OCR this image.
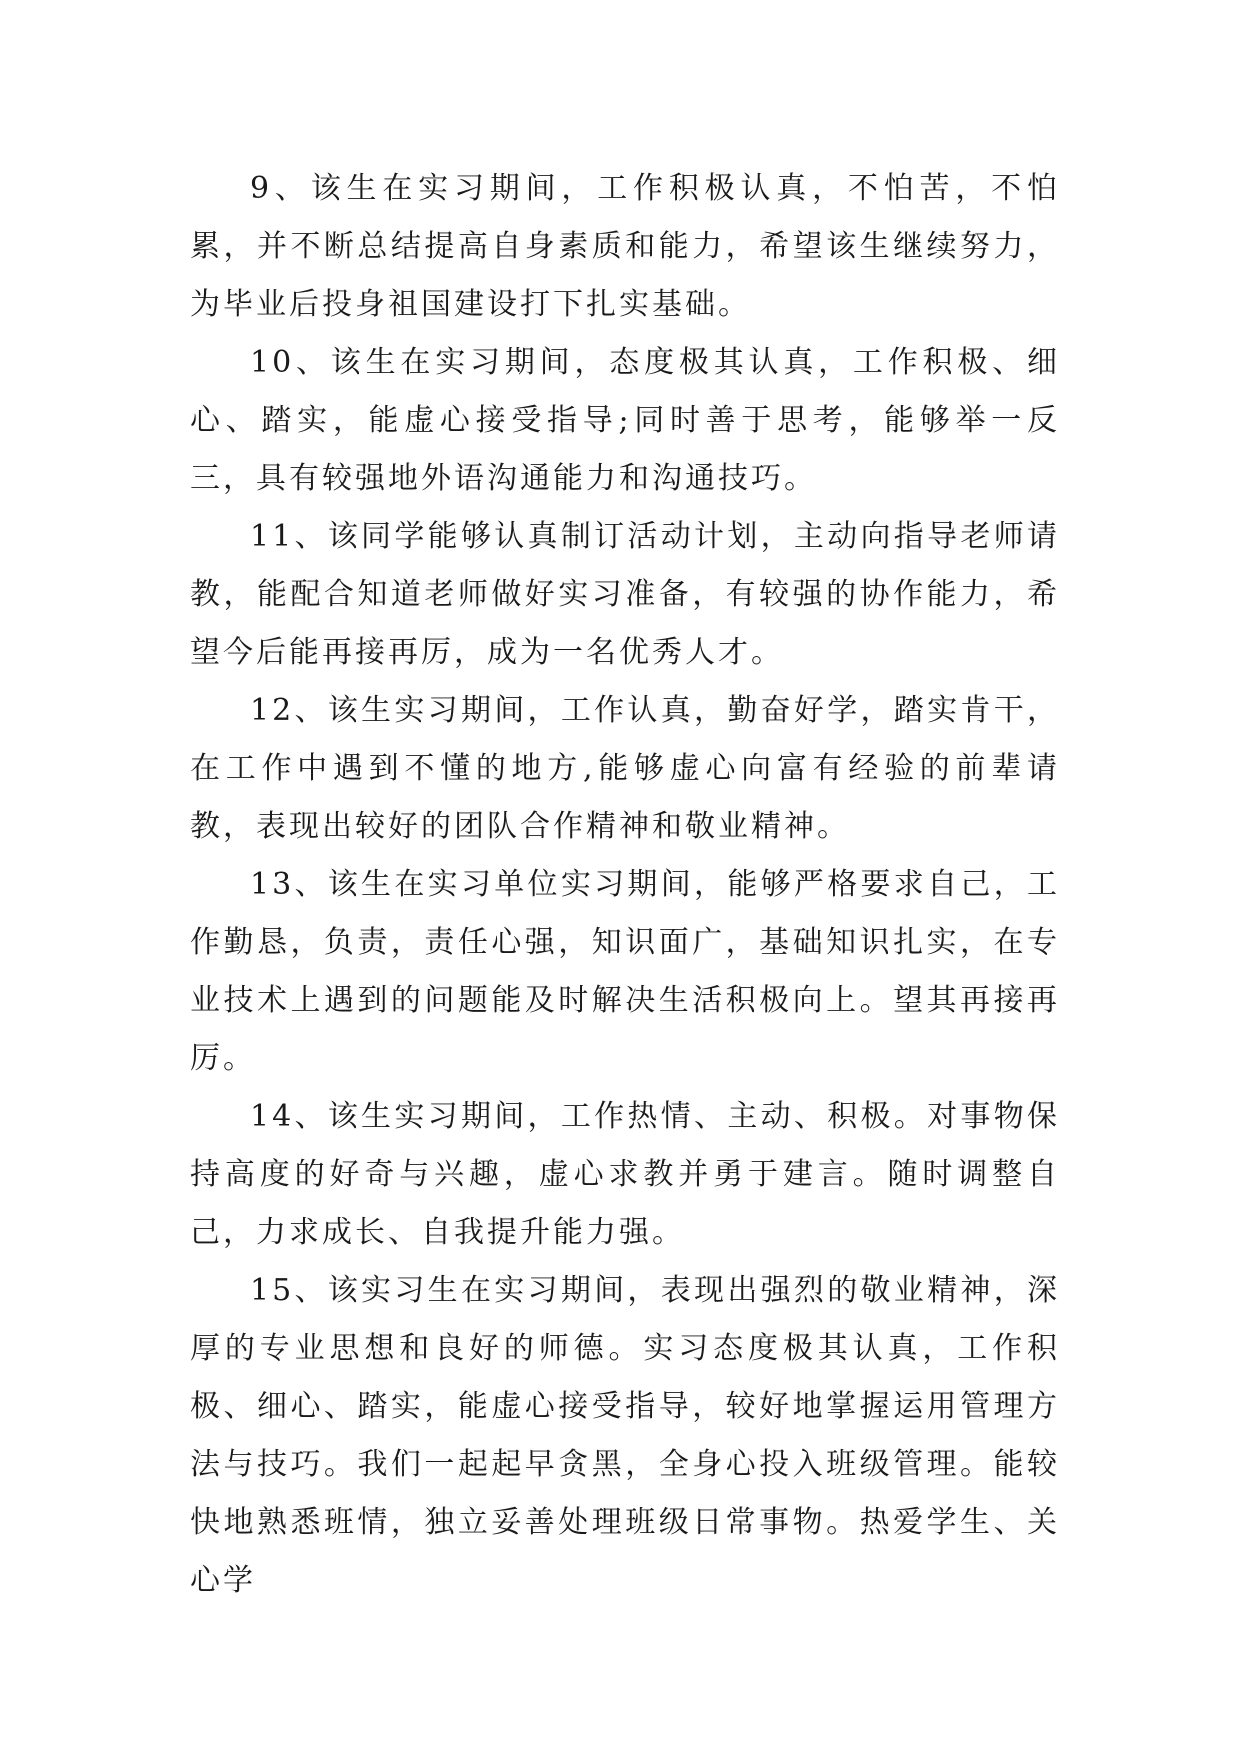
9、该生在实习期间，工作积极认真，不怕苦，不怕累，并不断总结提高自身素质和能力，希望该生继续努力，为毕业后投身祖国建设打下扎实基础。

10、该生在实习期间，态度极其认真，工作积极、细心、踏实，能虚心接受指导;同时善于思考，能够举一反三，具有较强地外语沟通能力和沟通技巧。

11、该同学能够认真制订活动计划，主动向指导老师请教，能配合知道老师做好实习准备，有较强的协作能力，希望今后能再接再厉，成为一名优秀人才。

12、该生实习期间，工作认真，勤奋好学，踏实肯干，在工作中遇到不懂的地方,能够虚心向富有经验的前辈请教，表现出较好的团队合作精神和敬业精神。

13、该生在实习单位实习期间，能够严格要求自己，工作勤恳，负责，责任心强，知识面广，基础知识扎实，在专业技术上遇到的问题能及时解决生活积极向上。望其再接再厉。

14、该生实习期间，工作热情、主动、积极。对事物保持高度的好奇与兴趣，虚心求教并勇于建言。随时调整自己，力求成长、自我提升能力强。

15、该实习生在实习期间，表现出强烈的敬业精神，深厚的专业思想和良好的师德。实习态度极其认真，工作积极、细心、踏实，能虚心接受指导，较好地掌握运用管理方法与技巧。我们一起起早贪黑，全身心投入班级管理。能较快地熟悉班情，独立妥善处理班级日常事物。热爱学生、关心学
